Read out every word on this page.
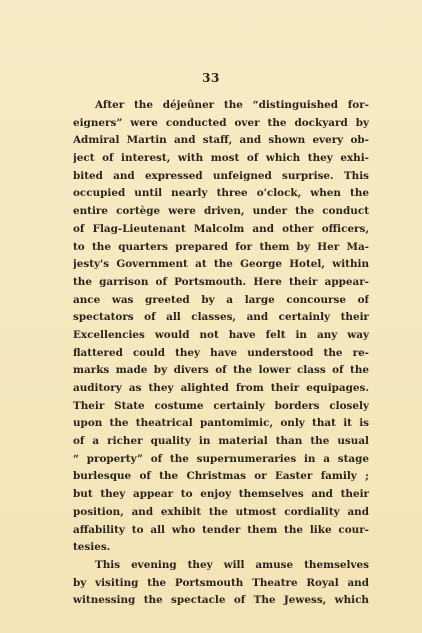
33
After the déjeûner the “distinguished for-
eigners” were conducted over the dockyard by
Admiral Martin and staff, and shown every ob-
ject of interest, with most of which they exhi-
bited and expressed unfeigned surprise. This
occupied until nearly three o'clock, when the
entire cortège were driven, under the conduct
of Flag-Lieutenant Malcolm and other officers,
to the quarters prepared for them by Her Ma-
jesty's Government at the George Hotel, within
the garrison of Portsmouth. Here their appear-
ance was greeted by a large concourse of
spectators of all classes, and certainly their
Excellencies would not have felt in any way
flattered could they have understood the re-
marks made by divers of the lower class of the
auditory as they alighted from their equipages.
Their State costume certainly borders closely
upon the theatrical pantomimic, only that it is
of a richer quality in material than the usual
“ property” of the supernumeraries in a stage
burlesque of the Christmas or Easter family ;
but they appear to enjoy themselves and their
position, and exhibit the utmost cordiality and
affability to all who tender them the like cour-
tesies.
This evening they will amuse themselves
by visiting the Portsmouth Theatre Royal and
witnessing the spectacle of The Jewess, which
